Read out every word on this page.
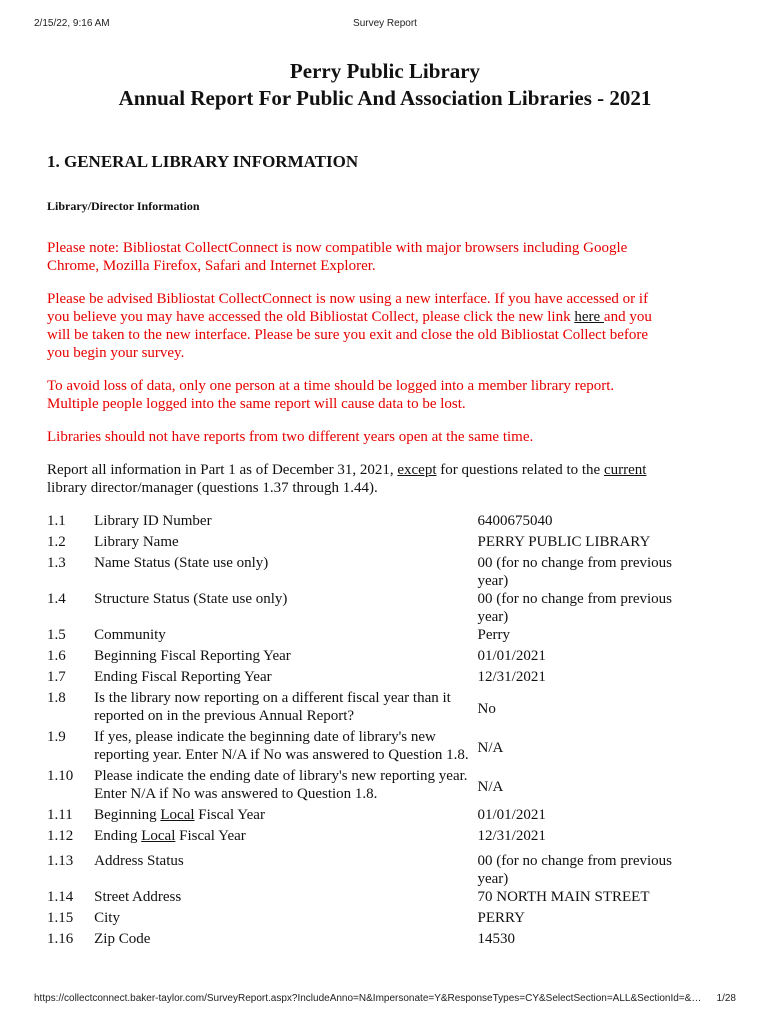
2/15/22, 9:16 AM	Survey Report
Perry Public Library
Annual Report For Public And Association Libraries - 2021
1. GENERAL LIBRARY INFORMATION
Library/Director Information

Please note: Bibliostat CollectConnect is now compatible with major browsers including Google Chrome, Mozilla Firefox, Safari and Internet Explorer.

Please be advised Bibliostat CollectConnect is now using a new interface. If you have accessed or if you believe you may have accessed the old Bibliostat Collect, please click the new link here and you will be taken to the new interface. Please be sure you exit and close the old Bibliostat Collect before you begin your survey.

To avoid loss of data, only one person at a time should be logged into a member library report. Multiple people logged into the same report will cause data to be lost.

Libraries should not have reports from two different years open at the same time.

Report all information in Part 1 as of December 31, 2021, except for questions related to the current library director/manager (questions 1.37 through 1.44).

1.1	Library ID Number	6400675040
1.2	Library Name	PERRY PUBLIC LIBRARY
1.3	Name Status (State use only)	00 (for no change from previous year)
1.4	Structure Status (State use only)	00 (for no change from previous year)
1.5	Community	Perry
1.6	Beginning Fiscal Reporting Year	01/01/2021
1.7	Ending Fiscal Reporting Year	12/31/2021
1.8	Is the library now reporting on a different fiscal year than it reported on in the previous Annual Report?	No
1.9	If yes, please indicate the beginning date of library's new reporting year. Enter N/A if No was answered to Question 1.8.	N/A
1.10	Please indicate the ending date of library's new reporting year. Enter N/A if No was answered to Question 1.8.	N/A
1.11	Beginning Local Fiscal Year	01/01/2021
1.12	Ending Local Fiscal Year	12/31/2021
1.13	Address Status	00 (for no change from previous year)
1.14	Street Address	70 NORTH MAIN STREET
1.15	City	PERRY
1.16	Zip Code	14530
https://collectconnect.baker-taylor.com/SurveyReport.aspx?IncludeAnno=N&Impersonate=Y&ResponseTypes=CY&SelectSection=ALL&SectionId=&…	1/28
